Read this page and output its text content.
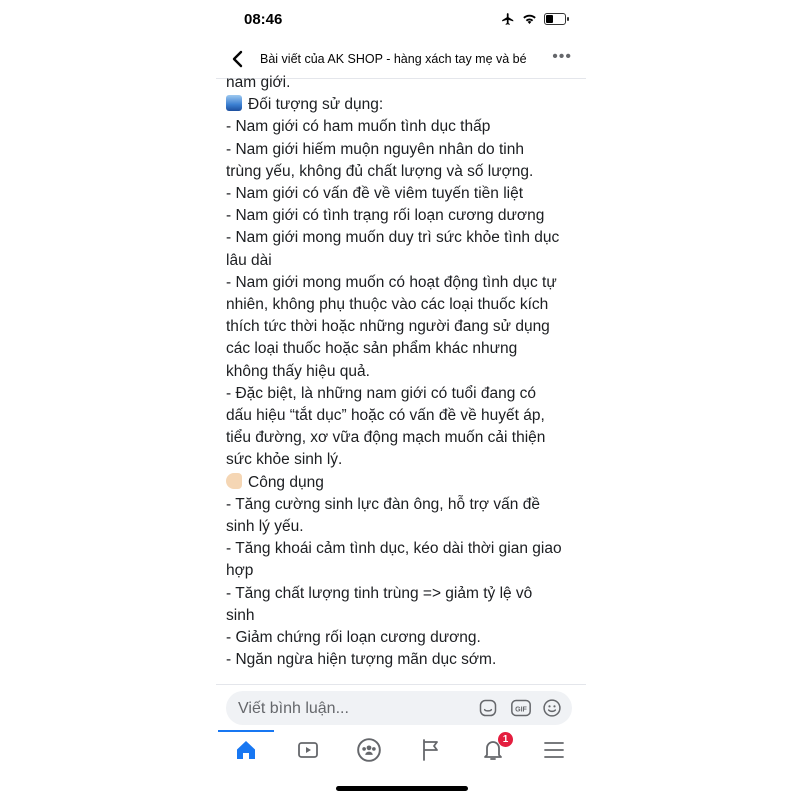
08:46
Bài viết của AK SHOP - hàng xách tay mẹ và bé •••
nam giới.
Đối tượng sử dụng:
- Nam giới có ham muốn tình dục thấp
- Nam giới hiếm muộn nguyên nhân do tinh
trùng yếu, không đủ chất lượng và số lượng.
- Nam giới có vấn đề về viêm tuyến tiền liệt
- Nam giới có tình trạng rối loạn cương dương
- Nam giới mong muốn duy trì sức khỏe tình dục
lâu dài
- Nam giới mong muốn có hoạt động tình dục tự
nhiên, không phụ thuộc vào các loại thuốc kích
thích tức thời hoặc những người đang sử dụng
các loại thuốc hoặc sản phẩm khác nhưng
không thấy hiệu quả.
- Đặc biệt, là những nam giới có tuổi đang có
dấu hiệu “tắt dục” hoặc có vấn đề về huyết áp,
tiểu đường, xơ vữa động mạch muốn cải thiện
sức khỏe sinh lý.
Công dụng
- Tăng cường sinh lực đàn ông, hỗ trợ vấn đề
sinh lý yếu.
- Tăng khoái cảm tình dục, kéo dài thời gian giao
hợp
- Tăng chất lượng tinh trùng => giảm tỷ lệ vô
sinh
- Giảm chứng rối loạn cương dương.
- Ngăn ngừa hiện tượng mãn dục sớm.
Viết bình luận...	GIF
1
